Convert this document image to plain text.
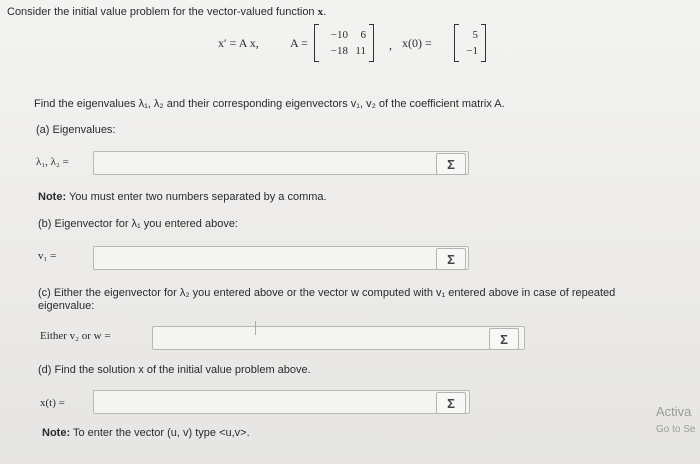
Consider the initial value problem for the vector-valued function x.
x′ = A x,	A =
−10	6
−18 11 , x(0) =
5
−1
Find the eigenvalues λ₁, λ₂ and their corresponding eigenvectors v₁, v₂ of the coefficient matrix A.
(a) Eigenvalues:
λ₁, λ₂ =	Σ
Note: You must enter two numbers separated by a comma.
(b) Eigenvector for λ₁ you entered above:
v₁ =	Σ
(c) Either the eigenvector for λ₂ you entered above or the vector w computed with v₁ entered above in case of repeated
eigenvalue:
Either v₂ or w =	Σ
(d) Find the solution x of the initial value problem above.
x(t) =	Σ
Note: To enter the vector (u, v) type <u,v>.
Activa
Go to Se
